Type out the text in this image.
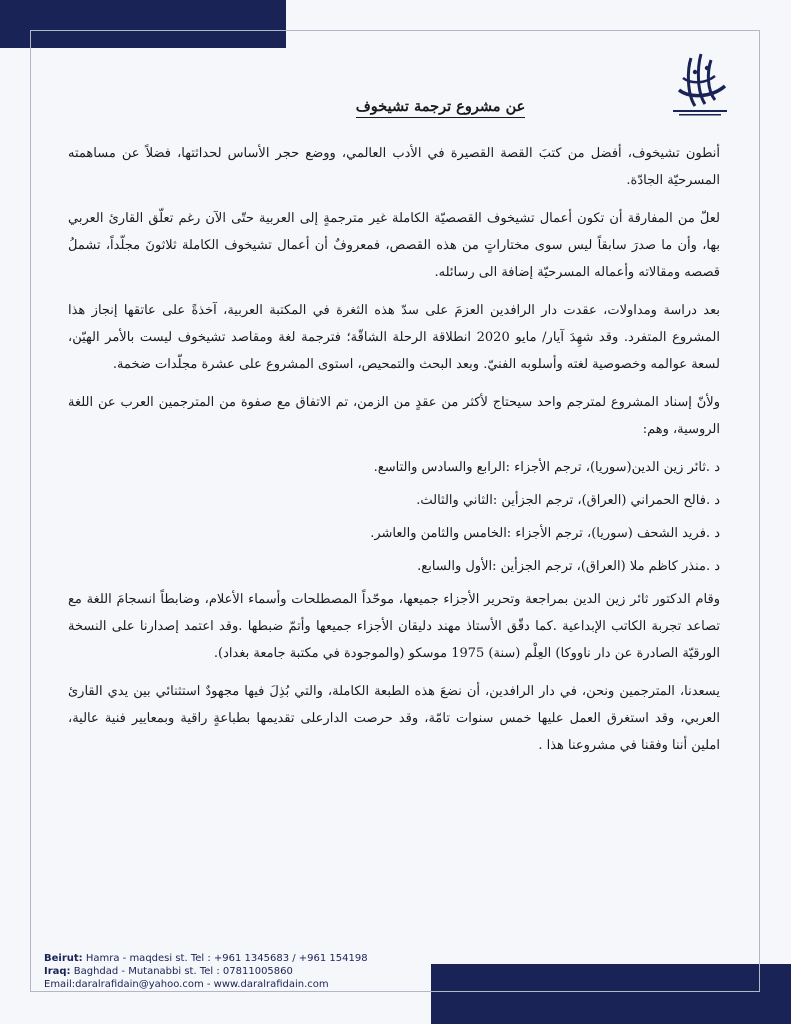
عن مشروع ترجمة تشيخوف

أنطون تشيخوف، أفضل من كتبَ القصة القصيرة في الأدب العالمي، ووضع حجر الأساس لحداثتها، فضلاً عن مساهمته المسرحيّة الجادّة.

لعلّ من المفارقة أن تكون أعمال تشيخوف القصصيّة الكاملة غير مترجمةٍ إلى العربية حتّى الآن رغم تعلّق القارئ العربي بها، وأن ما صدرَ سابقاً ليس سوى مختاراتٍ من هذه القصص، فمعروفٌ أن أعمال تشيخوف الكاملة ثلاثونَ مجلّداً، تشملُ قصصه ومقالاته وأعماله المسرحيّة إضافة الى رسائله.

بعد دراسة ومداولات، عقدت دار الرافدين العزمَ على سدّ هذه الثغرة في المكتبة العربية، آخذةً على عاتقها إنجاز هذا المشروع المتفرد. وقد شهِدَ آيار/ مايو 2020 انطلاقة الرحلة الشاقّة؛ فترجمة لغة ومقاصد تشيخوف ليست بالأمر الهيّن، لسعة عوالمه وخصوصية لغته وأسلوبه الفنيّ. وبعد البحث والتمحيص، استوى المشروع على عشرة مجلّدات ضخمة.

ولأنّ إسناد المشروع لمترجم واحد سيحتاج لأكثر من عقدٍ من الزمن، تم الاتفاق مع صفوة من المترجمين العرب عن اللغة الروسية، وهم:

د .ثائر زين الدين(سوريا)، ترجم الأجزاء :الرابع والسادس والتاسع.

د .فالح الحمراني (العراق)، ترجم الجزأين :الثاني والثالث.

د .فريد الشحف (سوريا)، ترجم الأجزاء :الخامس والثامن والعاشر.

د .منذر كاظم ملا (العراق)، ترجم الجزأين :الأول والسابع.

وقام الدكتور ثائر زين الدين بمراجعة وتحرير الأجزاء جميعها، موحّداً المصطلحات وأسماء الأعلام، وضابطاً انسجامَ اللغة مع تصاعد تجربة الكاتب الإبداعية .كما دقّق الأستاذ مهند دليقان الأجزاء جميعها وأتمّ ضبطها .وقد اعتمد إصدارنا على النسخة الورقيّة الصادرة عن دار ناووكا) العِلْم (سنة) 1975 موسكو (والموجودة في مكتبة جامعة بغداد).

يسعدنا، المترجمين ونحن، في دار الرافدين، أن نضعَ هذه الطبعة الكاملة، والتي بُذِلَ فيها مجهودٌ استثنائي بين يدي القارئ العربي، وقد استغرق العمل عليها خمس سنوات تامّة، وقد حرصت الدارعلى تقديمها بطباعةٍ راقية وبمعايير فنية عالية، املين أننا وفقنا في مشروعنا هذا .

Beirut: Hamra - maqdesi st. Tel : +961 1345683 / +961 154198
Iraq: Baghdad - Mutanabbi st. Tel : 07811005860
Email:daralrafidain@yahoo.com - www.daralrafidain.com
